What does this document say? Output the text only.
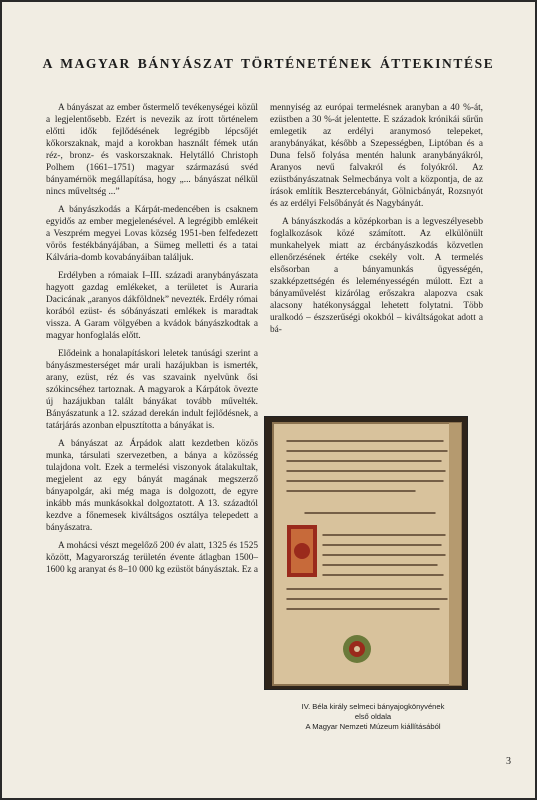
A MAGYAR BÁNYÁSZAT TÖRTÉNETÉNEK ÁTTEKINTÉSE

A bányászat az ember őstermelő tevékenységei közül a legjelentősebb. Ezért is nevezik az írott történelem előtti idők fejlődésének legrégibb lépcsőjét kőkorszaknak, majd a korokban használt fémek után réz-, bronz- és vaskorszaknak. Helytálló Christoph Polhem (1661–1751) magyar származású svéd bányamérnök megállapítása, hogy „... bányászat nélkül nincs műveltség ...”

A bányászkodás a Kárpát-medencében is csaknem egyidős az ember megjelenésével. A legrégibb emlékeit a Veszprém megyei Lovas község 1951-ben felfedezett vörös festékbányájában, a Sümeg melletti és a tatai Kálvária-domb kovabányáiban találjuk.

Erdélyben a rómaiak I–III. századi aranybányászata hagyott gazdag emlékeket, a területet is Auraria Dacicának „aranyos dákföldnek” nevezték. Erdély római korából ezüst- és sóbányászati emlékek is maradtak vissza. A Garam völgyében a kvádok bányászkodtak a magyar honfoglalás előtt.

Elődeink a honalapításkori leletek tanúsági szerint a bányászmesterséget már urali hazájukban is ismerték, arany, ezüst, réz és vas szavaink nyelvünk ősi szókincséhez tartoznak. A magyarok a Kárpátok övezte új hazájukban talált bányákat tovább művelték. Bányászatunk a 12. század derekán indult fejlődésnek, a tatárjárás azonban elpusztította a bányákat is.

A bányászat az Árpádok alatt kezdetben közös munka, társulati szervezetben, a bánya a közösség tulajdona volt. Ezek a termelési viszonyok átalakultak, megjelent az egy bányát magának megszerző bányapolgár, aki még maga is dolgozott, de egyre inkább más munkásokkal dolgoztatott. A 13. századtól kezdve a főnemesek kiváltságos osztálya telepedett a bányászatra.

A mohácsi vészt megelőző 200 év alatt, 1325 és 1525 között, Magyarország területén évente átlagban 1500–1600 kg aranyat és 8–10 000 kg ezüstöt bányásztak. Ez a

mennyiség az európai termelésnek aranyban a 40 %-át, ezüstben a 30 %-át jelentette. E századok krónikái sűrűn emlegetik az erdélyi aranymosó telepeket, aranybányákat, később a Szepességben, Liptóban és a Duna felső folyása mentén halunk aranybányákról, Aranyos nevű falvakról és folyókról. Az ezüstbányászatnak Selmecbánya volt a központja, de az írások említik Besztercebányát, Gölnicbányát, Rozsnyót és az erdélyi Felsőbányát és Nagybányát.

A bányászkodás a középkorban is a legveszélyesebb foglalkozások közé számított. Az elkülönült munkahelyek miatt az ércbányászkodás közvetlen ellenőrzésének értéke csekély volt. A termelés elsősorban a bányamunkás ügyességén, szakképzettségén és leleményességén múlott. Ezt a bányaművelést kizárólag erőszakra alapozva csak alacsony hatékonysággal lehetett folytatni. Több uralkodó – észszerűségi okokból – kiváltságokat adott a bá-

IV. Béla király selmeci bányajogkönyvének
első oldala
A Magyar Nemzeti Múzeum kiállításából
3
